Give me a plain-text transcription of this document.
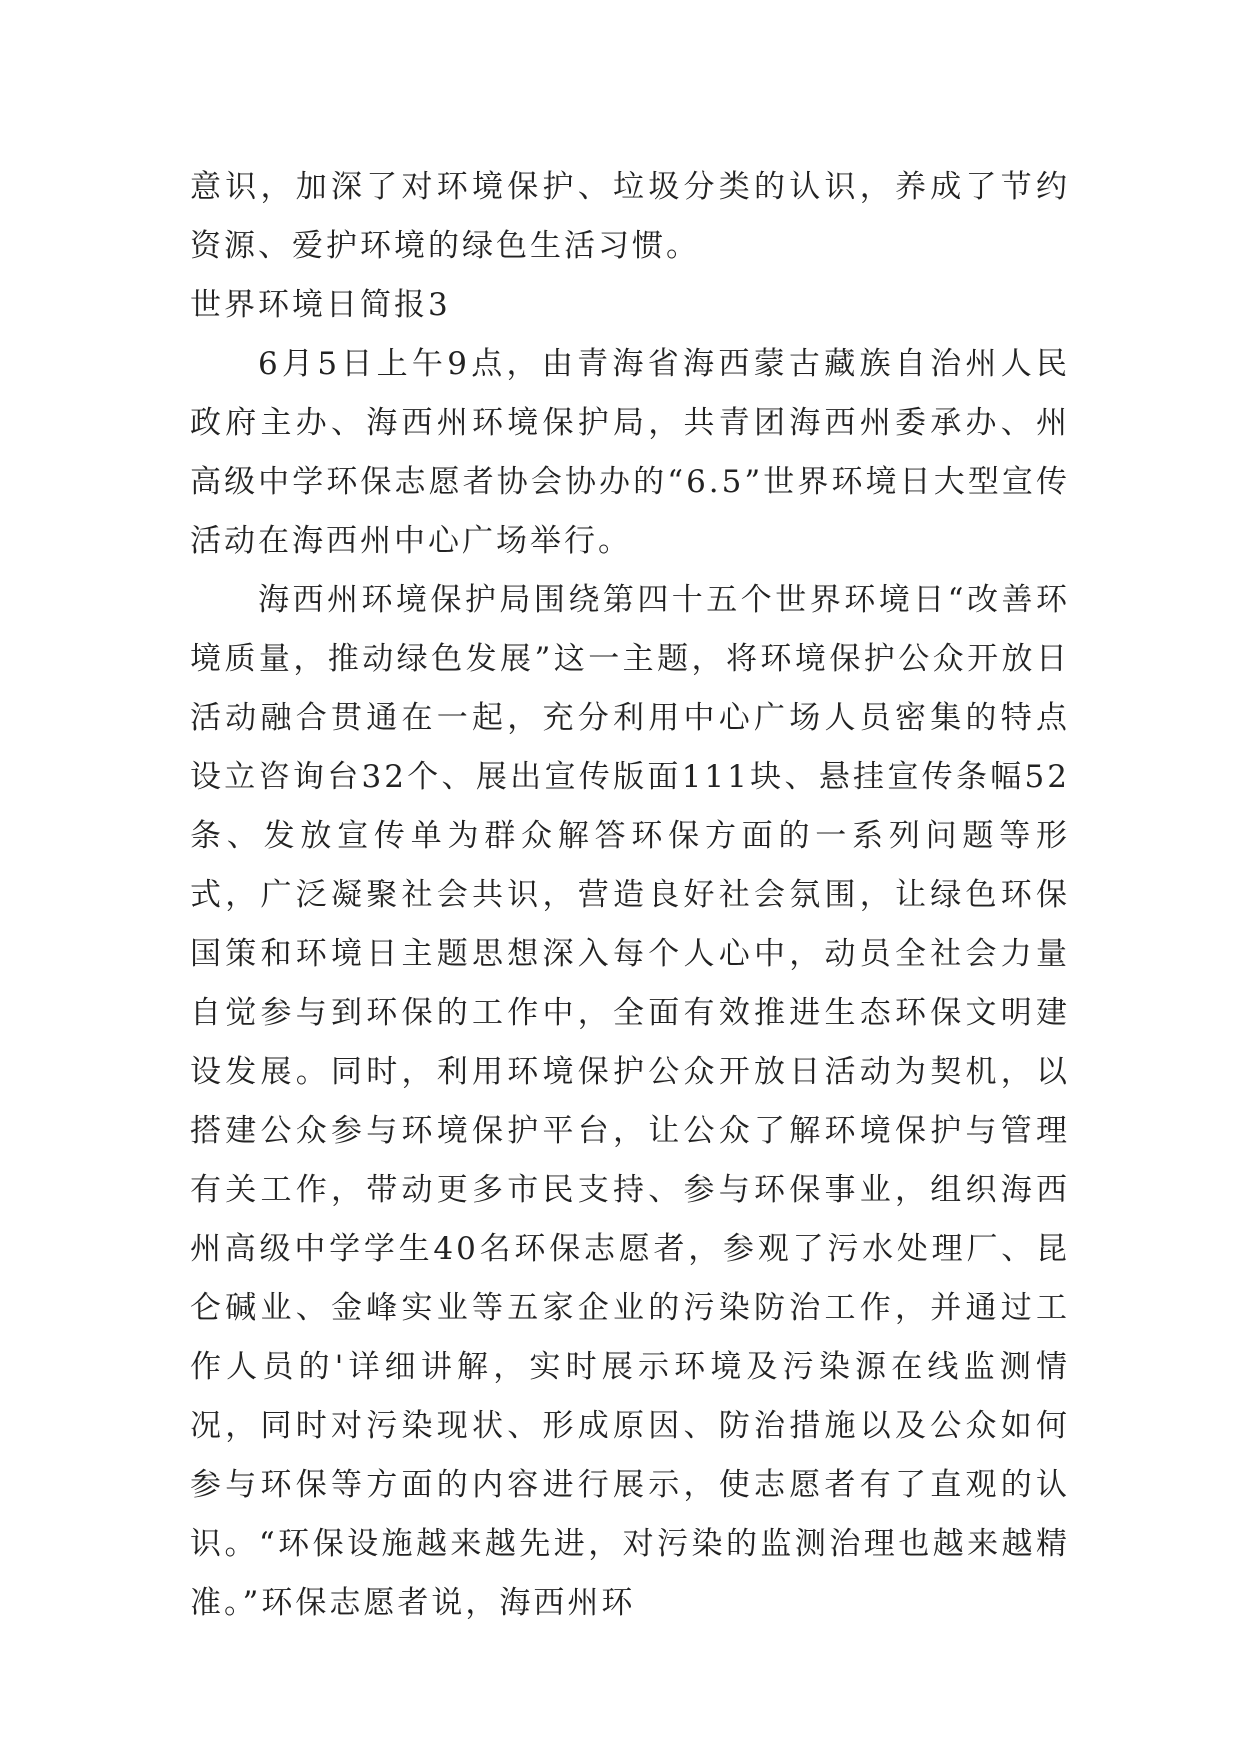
意识，加深了对环境保护、垃圾分类的认识，养成了节约资源、爱护环境的绿色生活习惯。

世界环境日简报3

6月5日上午9点，由青海省海西蒙古藏族自治州人民政府主办、海西州环境保护局，共青团海西州委承办、州高级中学环保志愿者协会协办的“6.5”世界环境日大型宣传活动在海西州中心广场举行。

海西州环境保护局围绕第四十五个世界环境日“改善环境质量，推动绿色发展”这一主题，将环境保护公众开放日活动融合贯通在一起，充分利用中心广场人员密集的特点设立咨询台32个、展出宣传版面111块、悬挂宣传条幅52条、发放宣传单为群众解答环保方面的一系列问题等形式，广泛凝聚社会共识，营造良好社会氛围，让绿色环保国策和环境日主题思想深入每个人心中，动员全社会力量自觉参与到环保的工作中，全面有效推进生态环保文明建设发展。同时，利用环境保护公众开放日活动为契机，以搭建公众参与环境保护平台，让公众了解环境保护与管理有关工作，带动更多市民支持、参与环保事业，组织海西州高级中学学生40名环保志愿者，参观了污水处理厂、昆仑碱业、金峰实业等五家企业的污染防治工作，并通过工作人员的'详细讲解，实时展示环境及污染源在线监测情况，同时对污染现状、形成原因、防治措施以及公众如何参与环保等方面的内容进行展示，使志愿者有了直观的认识。“环保设施越来越先进，对污染的监测治理也越来越精准。”环保志愿者说，海西州环
